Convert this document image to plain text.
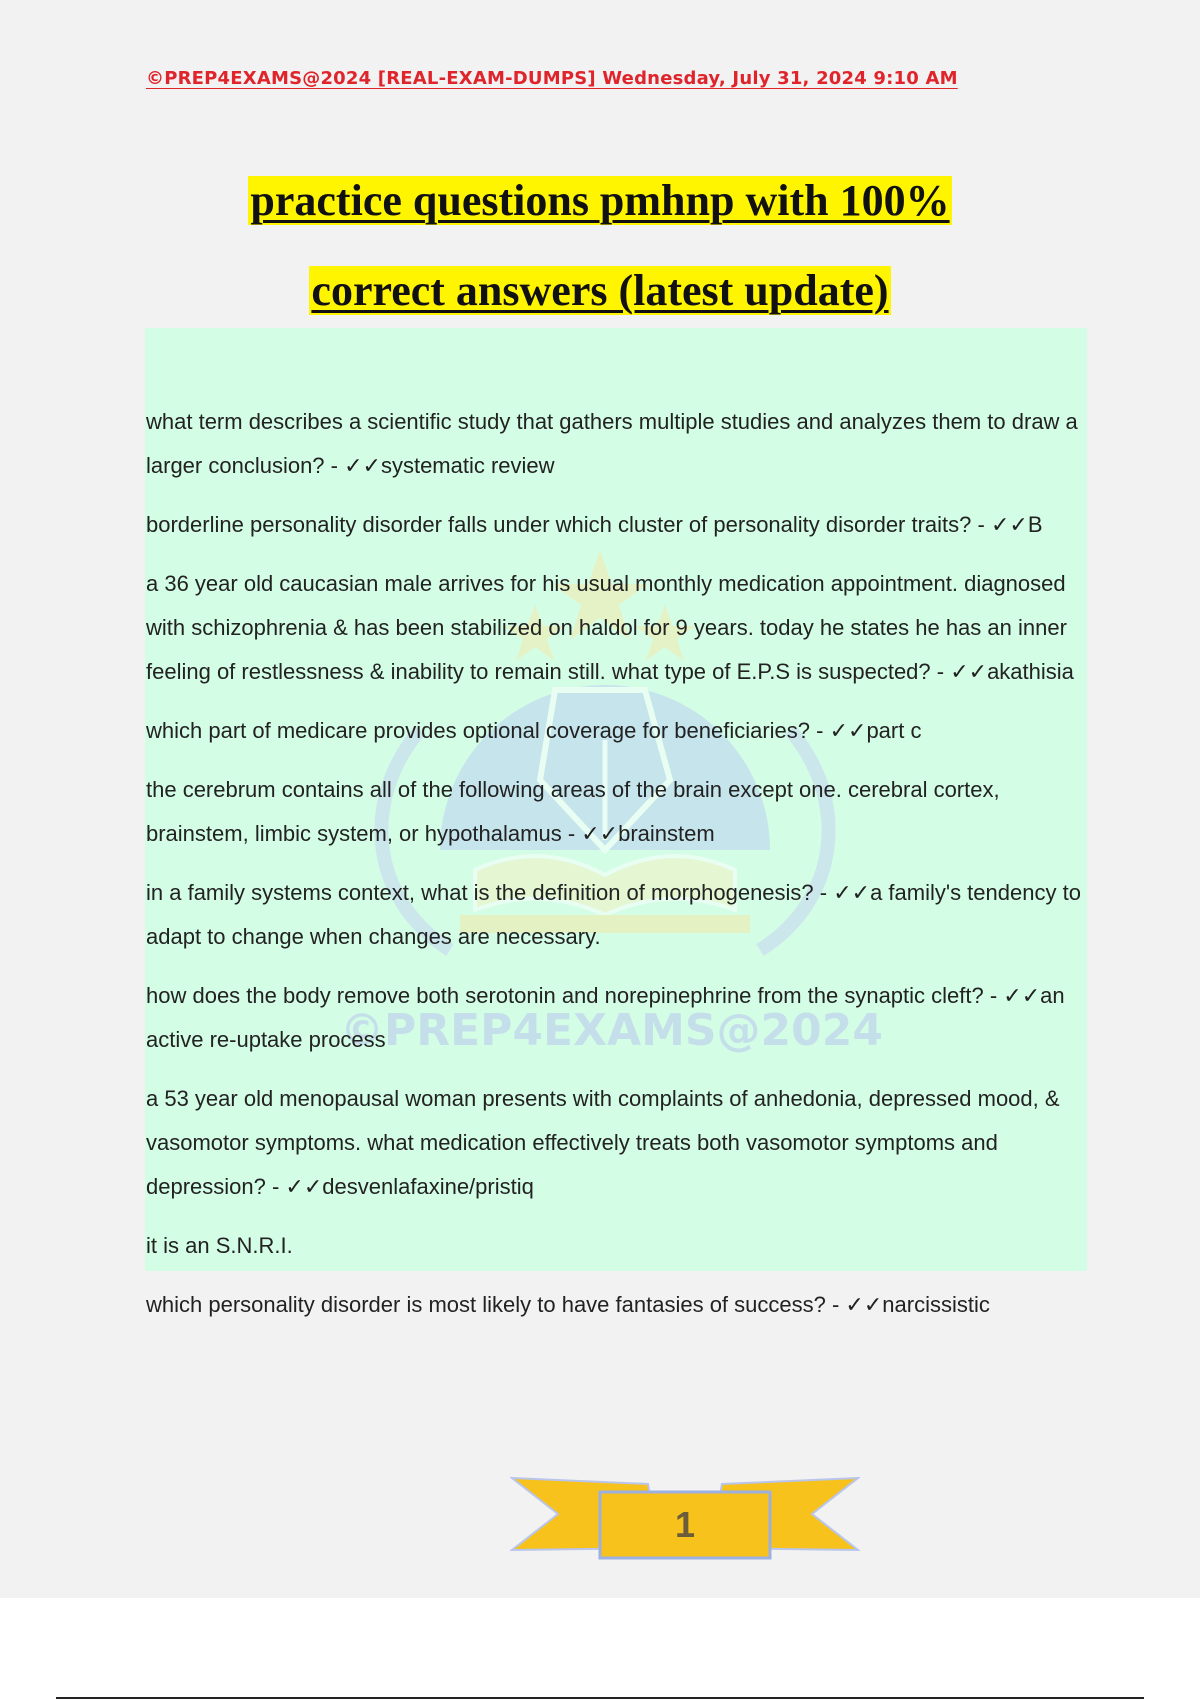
©PREP4EXAMS@2024 [REAL-EXAM-DUMPS] Wednesday, July 31, 2024 9:10 AM
practice questions pmhnp with 100%
correct answers (latest update)
©PREP4EXAMS@2024

what term describes a scientific study that gathers multiple studies and analyzes them to draw a larger conclusion? - ✓✓systematic review

borderline personality disorder falls under which cluster of personality disorder traits? - ✓✓B

a 36 year old caucasian male arrives for his usual monthly medication appointment. diagnosed with schizophrenia & has been stabilized on haldol for 9 years. today he states he has an inner feeling of restlessness & inability to remain still. what type of E.P.S is suspected? - ✓✓akathisia

which part of medicare provides optional coverage for beneficiaries? - ✓✓part c

the cerebrum contains all of the following areas of the brain except one. cerebral cortex, brainstem, limbic system, or hypothalamus - ✓✓brainstem

in a family systems context, what is the definition of morphogenesis? - ✓✓a family's tendency to adapt to change when changes are necessary.

how does the body remove both serotonin and norepinephrine from the synaptic cleft? - ✓✓an active re-uptake process

a 53 year old menopausal woman presents with complaints of anhedonia, depressed mood, & vasomotor symptoms. what medication effectively treats both vasomotor symptoms and depression? - ✓✓desvenlafaxine/pristiq

it is an S.N.R.I.

which personality disorder is most likely to have fantasies of success? - ✓✓narcissistic

1
